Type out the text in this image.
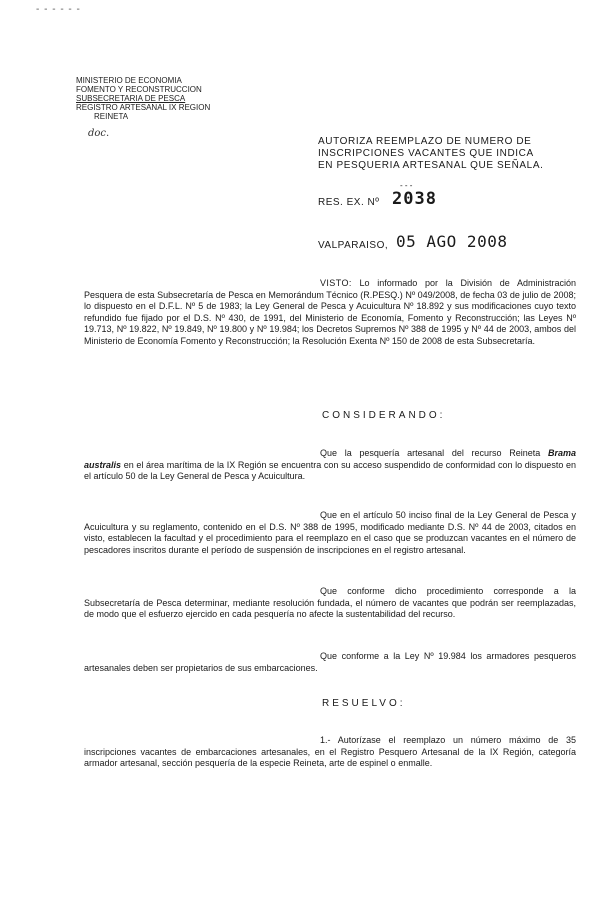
- - - - - -
MINISTERIO DE ECONOMIA
FOMENTO Y RECONSTRUCCION
SUBSECRETARIA DE PESCA
REGISTRO ARTESANAL IX REGION
REINETA
doc.
AUTORIZA REEMPLAZO DE NUMERO DE
INSCRIPCIONES VACANTES QUE INDICA
EN PESQUERIA ARTESANAL QUE SEÑALA.
- - -
RES. EX. Nº 2038
VALPARAISO, 05 AGO 2008
VISTO: Lo informado por la División de Administración Pesquera de esta Subsecretaría de Pesca en Memorándum Técnico (R.PESQ.) Nº 049/2008, de fecha 03 de julio de 2008; lo dispuesto en el D.F.L. Nº 5 de 1983; la Ley General de Pesca y Acuicultura Nº 18.892 y sus modificaciones cuyo texto refundido fue fijado por el D.S. Nº 430, de 1991, del Ministerio de Economía, Fomento y Reconstrucción; las Leyes Nº 19.713, Nº 19.822, Nº 19.849, Nº 19.800 y Nº 19.984; los Decretos Supremos Nº 388 de 1995 y Nº 44 de 2003, ambos del Ministerio de Economía Fomento y Reconstrucción; la Resolución Exenta Nº 150 de 2008 de esta Subsecretaría.
CONSIDERANDO:
Que la pesquería artesanal del recurso Reineta Brama australis en el área marítima de la IX Región se encuentra con su acceso suspendido de conformidad con lo dispuesto en el artículo 50 de la Ley General de Pesca y Acuicultura.
Que en el artículo 50 inciso final de la Ley General de Pesca y Acuicultura y su reglamento, contenido en el D.S. Nº 388 de 1995, modificado mediante D.S. Nº 44 de 2003, citados en visto, establecen la facultad y el procedimiento para el reemplazo en el caso que se produzcan vacantes en el número de pescadores inscritos durante el período de suspensión de inscripciones en el registro artesanal.
Que conforme dicho procedimiento corresponde a la Subsecretaría de Pesca determinar, mediante resolución fundada, el número de vacantes que podrán ser reemplazadas, de modo que el esfuerzo ejercido en cada pesquería no afecte la sustentabilidad del recurso.
Que conforme a la Ley Nº 19.984 los armadores pesqueros artesanales deben ser propietarios de sus embarcaciones.
RESUELVO:
1.- Autorízase el reemplazo un número máximo de 35 inscripciones vacantes de embarcaciones artesanales, en el Registro Pesquero Artesanal de la IX Región, categoría armador artesanal, sección pesquería de la especie Reineta, arte de espinel o enmalle.
